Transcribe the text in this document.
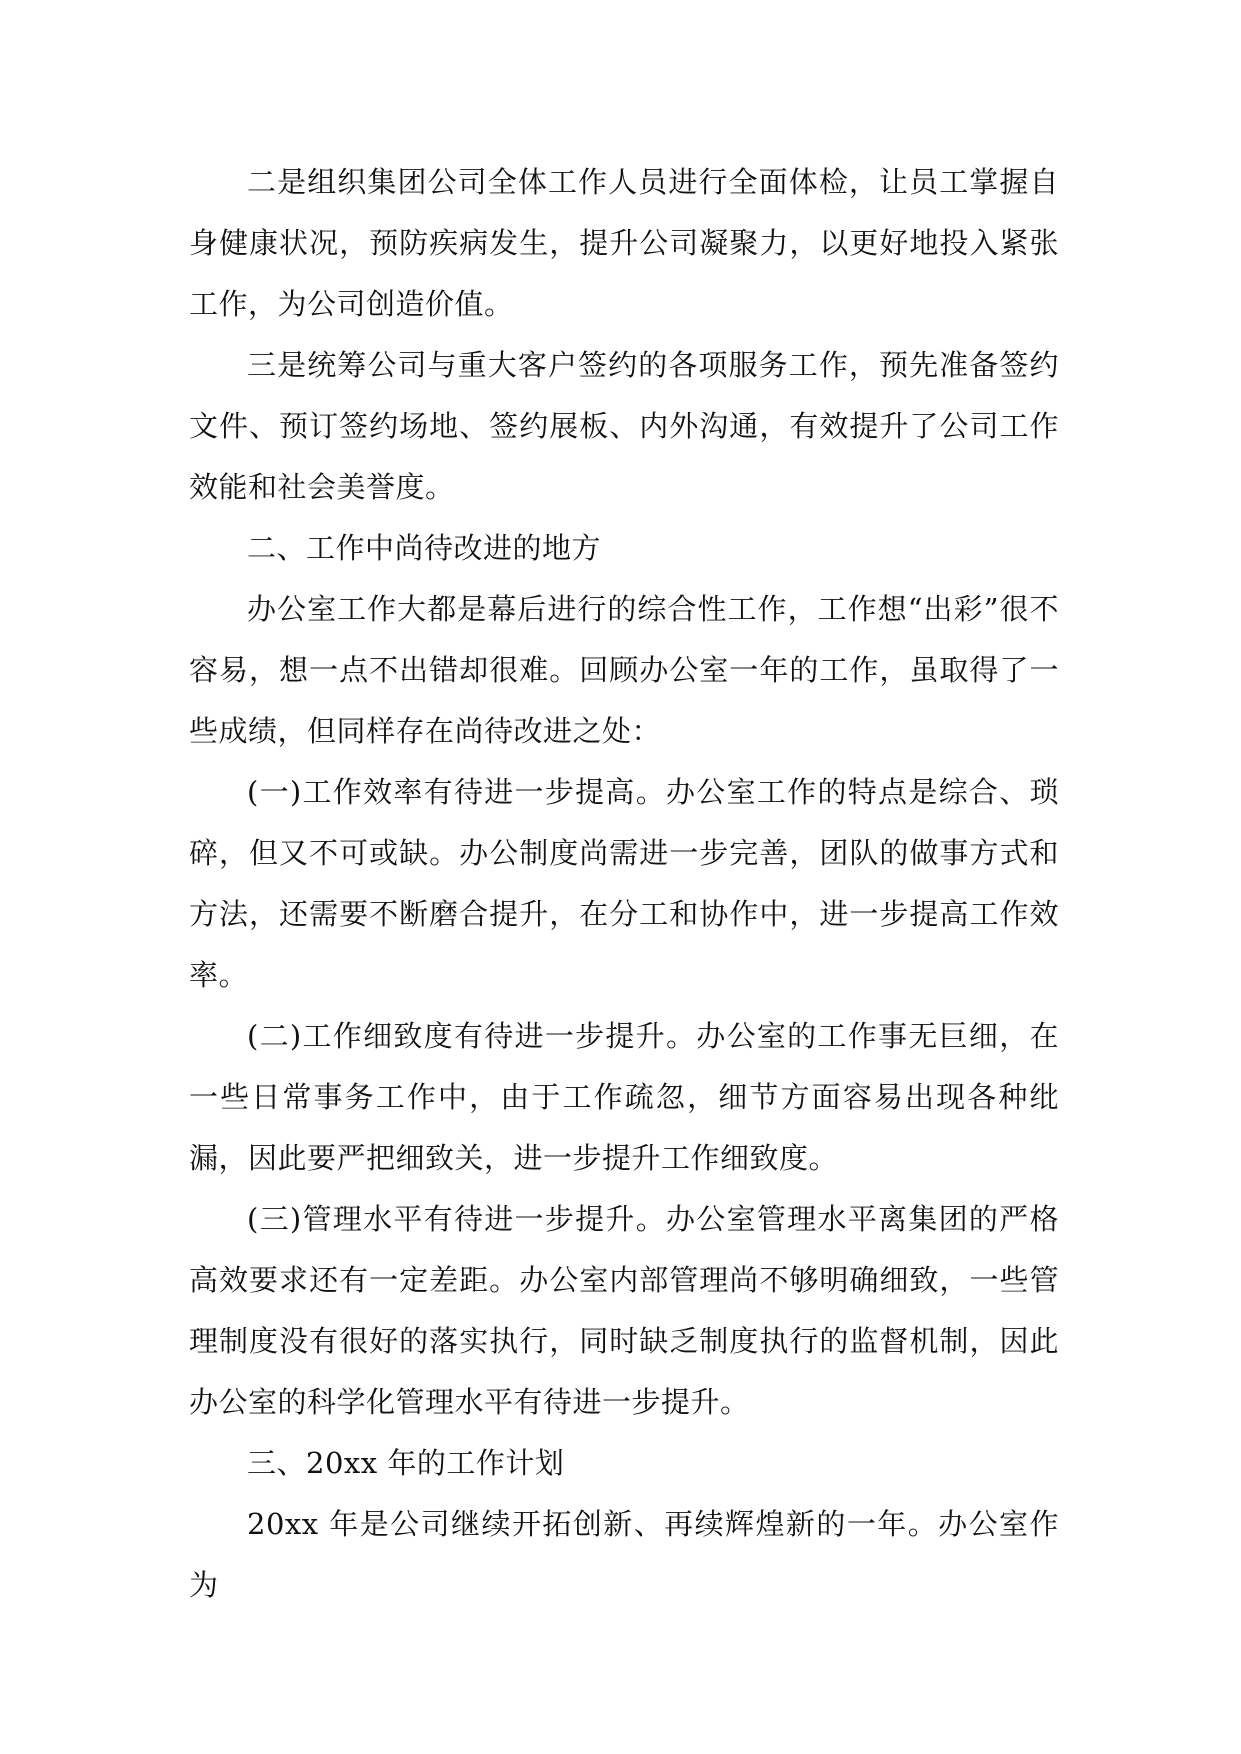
二是组织集团公司全体工作人员进行全面体检，让员工掌握自身健康状况，预防疾病发生，提升公司凝聚力，以更好地投入紧张工作，为公司创造价值。

三是统筹公司与重大客户签约的各项服务工作，预先准备签约文件、预订签约场地、签约展板、内外沟通，有效提升了公司工作效能和社会美誉度。

二、工作中尚待改进的地方

办公室工作大都是幕后进行的综合性工作，工作想“出彩”很不容易，想一点不出错却很难。回顾办公室一年的工作，虽取得了一些成绩，但同样存在尚待改进之处：

(一)工作效率有待进一步提高。办公室工作的特点是综合、琐碎，但又不可或缺。办公制度尚需进一步完善，团队的做事方式和方法，还需要不断磨合提升，在分工和协作中，进一步提高工作效率。

(二)工作细致度有待进一步提升。办公室的工作事无巨细，在一些日常事务工作中，由于工作疏忽，细节方面容易出现各种纰漏，因此要严把细致关，进一步提升工作细致度。

(三)管理水平有待进一步提升。办公室管理水平离集团的严格高效要求还有一定差距。办公室内部管理尚不够明确细致，一些管理制度没有很好的落实执行，同时缺乏制度执行的监督机制，因此办公室的科学化管理水平有待进一步提升。

三、20xx 年的工作计划

20xx 年是公司继续开拓创新、再续辉煌新的一年。办公室作为
